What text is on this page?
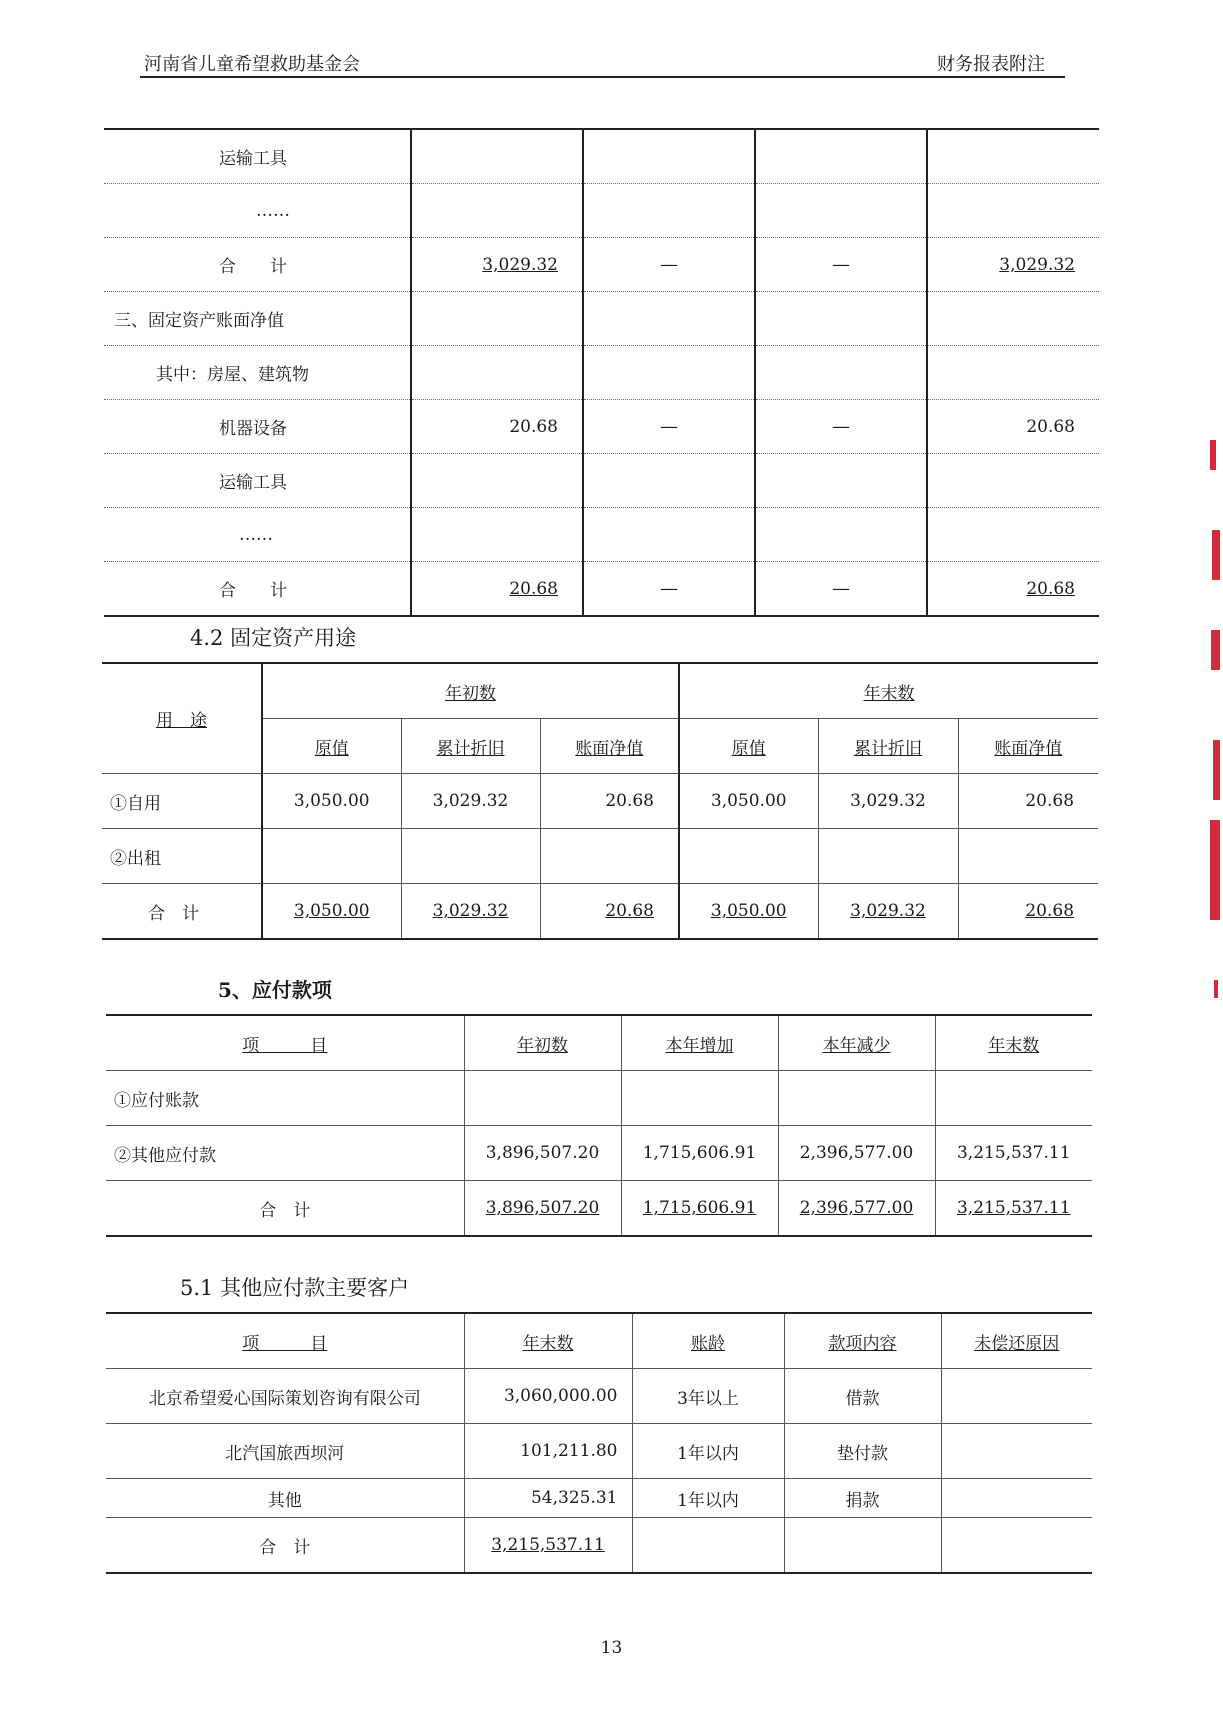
河南省儿童希望救助基金会	财务报表附注
运输工具				
……				
合　　计	3,029.32	—	—	3,029.32
三、固定资产账面净值				
其中：房屋、建筑物				
机器设备	20.68	—	—	20.68
运输工具				
……				
合　　计	20.68	—	—	20.68
4.2 固定资产用途
用　途	年初数			年末数		
	原值	累计折旧	账面净值	原值	累计折旧	账面净值
①自用	3,050.00	3,029.32	20.68	3,050.00	3,029.32	20.68
②出租						
合　计	3,050.00	3,029.32	20.68	3,050.00	3,029.32	20.68
5、应付款项
项　　　目	年初数	本年增加	本年减少	年末数
①应付账款				
②其他应付款	3,896,507.20	1,715,606.91	2,396,577.00	3,215,537.11
合　计	3,896,507.20	1,715,606.91	2,396,577.00	3,215,537.11
5.1 其他应付款主要客户
项　　　目	年末数	账龄	款项内容	未偿还原因
北京希望爱心国际策划咨询有限公司	3,060,000.00	3年以上	借款	
北汽国旅西坝河	101,211.80	1年以内	垫付款	
其他	54,325.31	1年以内	捐款	
合　计	3,215,537.11			
13
